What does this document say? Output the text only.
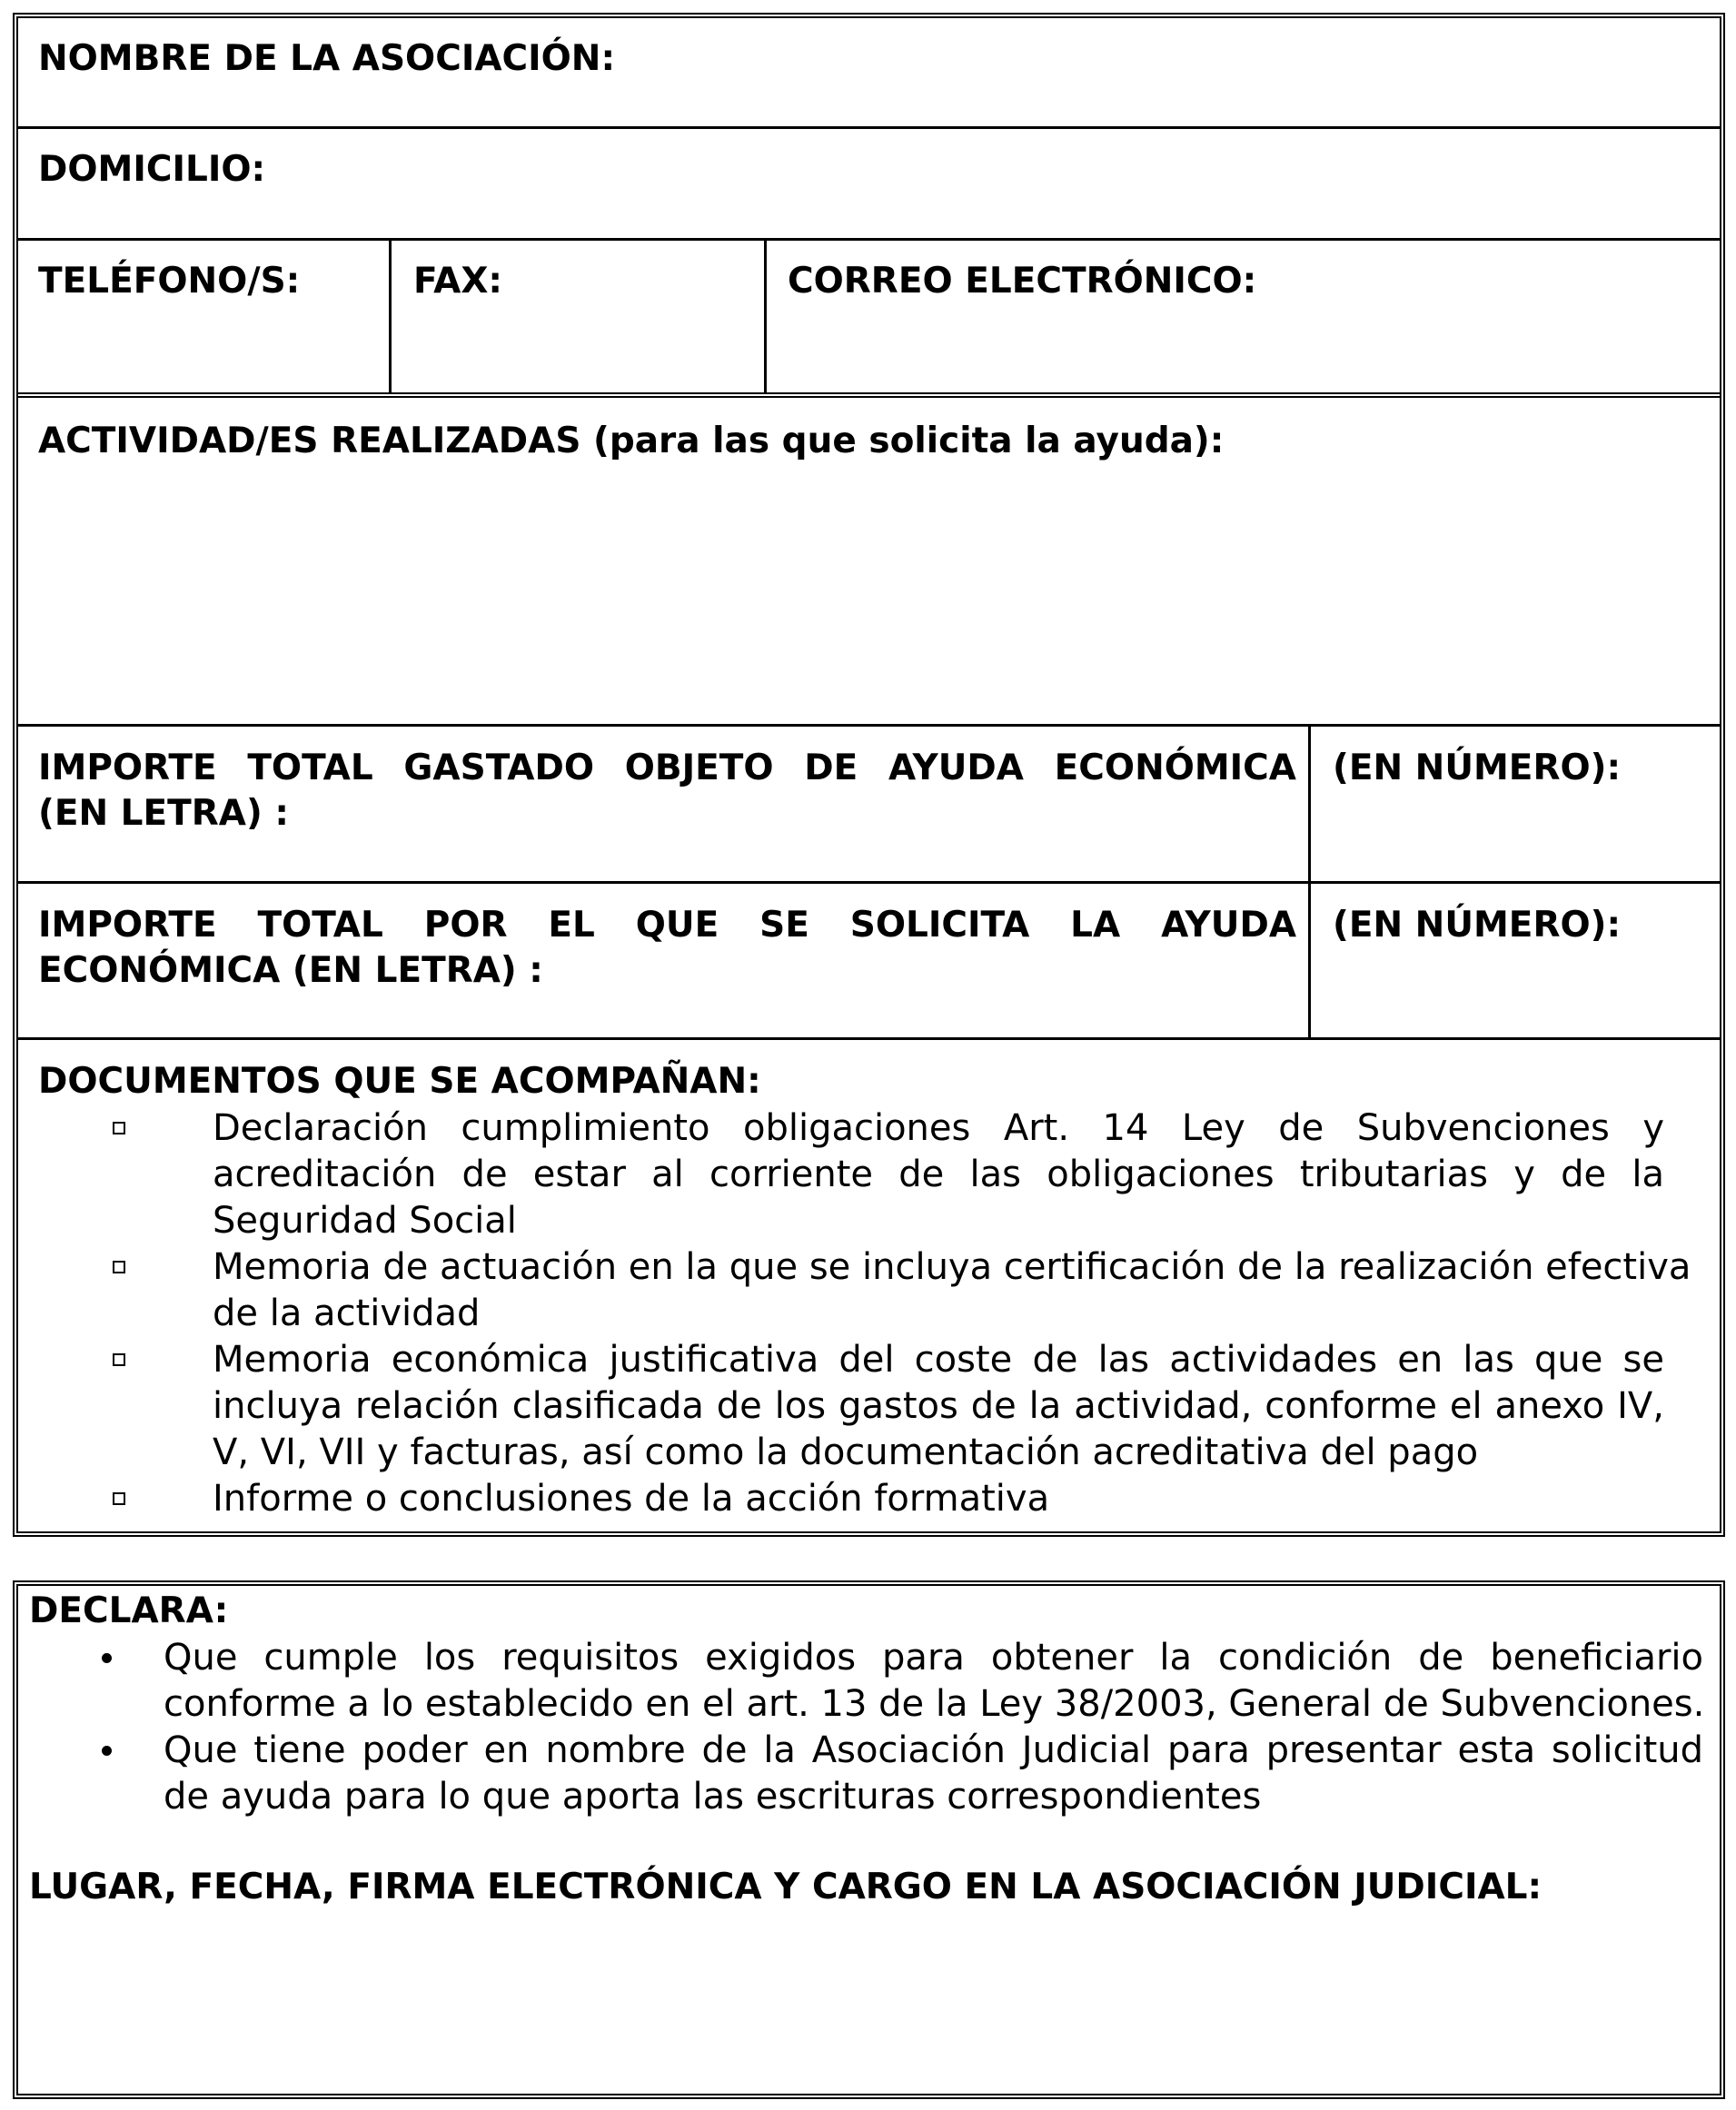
NOMBRE DE LA ASOCIACIÓN:
DOMICILIO:
TELÉFONO/S:	FAX:	CORREO ELECTRÓNICO:
ACTIVIDAD/ES REALIZADAS (para las que solicita la ayuda):
IMPORTE TOTAL GASTADO OBJETO DE AYUDA ECONÓMICA
(EN LETRA) :
(EN NÚMERO):
IMPORTE TOTAL POR EL QUE SE SOLICITA LA AYUDA
ECONÓMICA (EN LETRA) :
(EN NÚMERO):
DOCUMENTOS QUE SE ACOMPAÑAN:
Declaración cumplimiento obligaciones Art. 14 Ley de Subvenciones y
acreditación de estar al corriente de las obligaciones tributarias y de la
Seguridad Social
Memoria de actuación en la que se incluya certificación de la realización efectiva
de la actividad
Memoria económica justificativa del coste de las actividades en las que se
incluya relación clasificada de los gastos de la actividad, conforme el anexo IV,
V, VI, VII y facturas, así como la documentación acreditativa del pago
Informe o conclusiones de la acción formativa
DECLARA:
Que cumple los requisitos exigidos para obtener la condición de beneficiario
conforme a lo establecido en el art. 13 de la Ley 38/2003, General de Subvenciones.
Que tiene poder en nombre de la Asociación Judicial para presentar esta solicitud
de ayuda para lo que aporta las escrituras correspondientes
LUGAR, FECHA, FIRMA ELECTRÓNICA Y CARGO EN LA ASOCIACIÓN JUDICIAL:
